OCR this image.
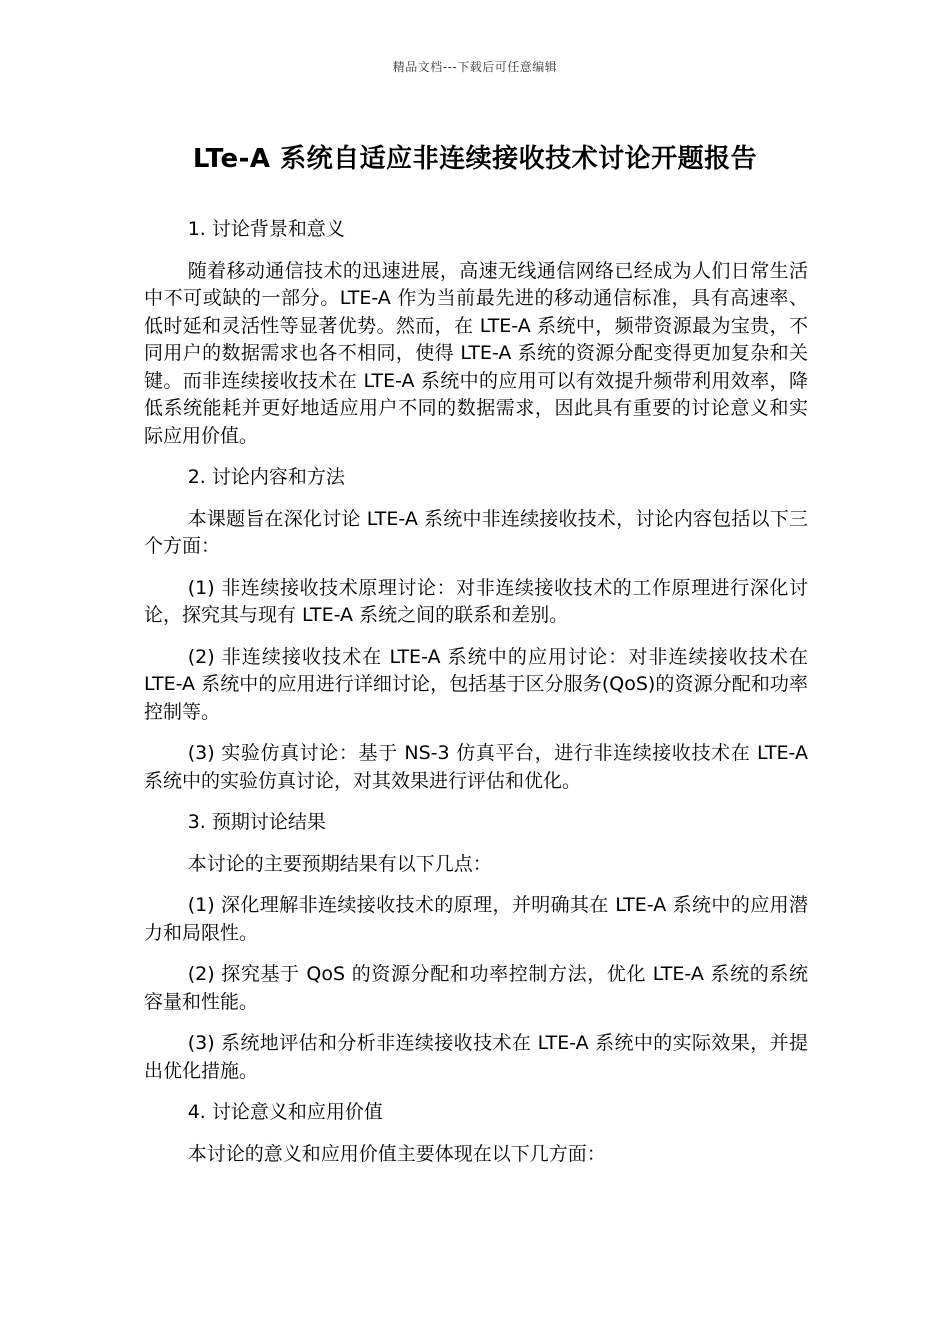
精品文档---下载后可任意编辑
LTe-A 系统自适应非连续接收技术讨论开题报告

1. 讨论背景和意义

随着移动通信技术的迅速进展，高速无线通信网络已经成为人们日常生活中不可或缺的一部分。LTE-A 作为当前最先进的移动通信标准，具有高速率、低时延和灵活性等显著优势。然而，在 LTE-A 系统中，频带资源最为宝贵，不同用户的数据需求也各不相同，使得 LTE-A 系统的资源分配变得更加复杂和关键。而非连续接收技术在 LTE-A 系统中的应用可以有效提升频带利用效率，降低系统能耗并更好地适应用户不同的数据需求，因此具有重要的讨论意义和实际应用价值。

2. 讨论内容和方法

本课题旨在深化讨论 LTE-A 系统中非连续接收技术，讨论内容包括以下三个方面：

(1) 非连续接收技术原理讨论：对非连续接收技术的工作原理进行深化讨论，探究其与现有 LTE-A 系统之间的联系和差别。

(2) 非连续接收技术在 LTE-A 系统中的应用讨论：对非连续接收技术在 LTE-A 系统中的应用进行详细讨论，包括基于区分服务(QoS)的资源分配和功率控制等。

(3) 实验仿真讨论：基于 NS-3 仿真平台，进行非连续接收技术在 LTE-A 系统中的实验仿真讨论，对其效果进行评估和优化。

3. 预期讨论结果

本讨论的主要预期结果有以下几点：

(1) 深化理解非连续接收技术的原理，并明确其在 LTE-A 系统中的应用潜力和局限性。

(2) 探究基于 QoS 的资源分配和功率控制方法，优化 LTE-A 系统的系统容量和性能。

(3) 系统地评估和分析非连续接收技术在 LTE-A 系统中的实际效果，并提出优化措施。

4. 讨论意义和应用价值

本讨论的意义和应用价值主要体现在以下几方面：
